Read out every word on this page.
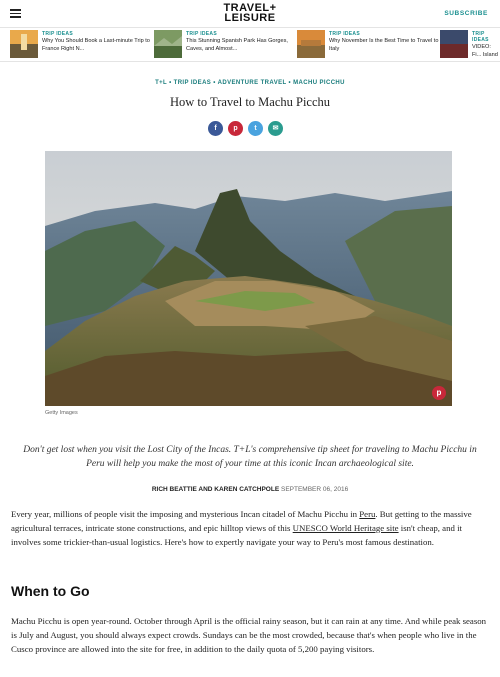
TRAVEL+
LEISURE	SUBSCRIBE
TRIP IDEAS
Why You Should Book a Last-minute Trip to France Right N...
TRIP IDEAS
This Stunning Spanish Park Has Gorges, Caves, and Almost...
TRIP IDEAS
Why November Is the Best Time to Travel to Italy
TRIP IDEAS
VIDEO: Fi... Island
T+L • TRIP IDEAS • ADVENTURE TRAVEL • MACHU PICCHU
How to Travel to Machu Picchu
f	p	t	✉
p
Getty Images

Don't get lost when you visit the Lost City of the Incas. T+L's comprehensive tip sheet for traveling to Machu Picchu in Peru will help you make the most of your time at this iconic Incan archaeological site.

RICH BEATTIE AND KAREN CATCHPOLE SEPTEMBER 06, 2016

Every year, millions of people visit the imposing and mysterious Incan citadel of Machu Picchu in Peru. But getting to the massive agricultural terraces, intricate stone constructions, and epic hilltop views of this UNESCO World Heritage site isn't cheap, and it involves some trickier-than-usual logistics. Here's how to expertly navigate your way to Peru's most famous destination.

When to Go

Machu Picchu is open year-round. October through April is the official rainy season, but it can rain at any time. And while peak season is July and August, you should always expect crowds. Sundays can be the most crowded, because that's when people who live in the Cusco province are allowed into the site for free, in addition to the daily quota of 5,200 paying visitors.
